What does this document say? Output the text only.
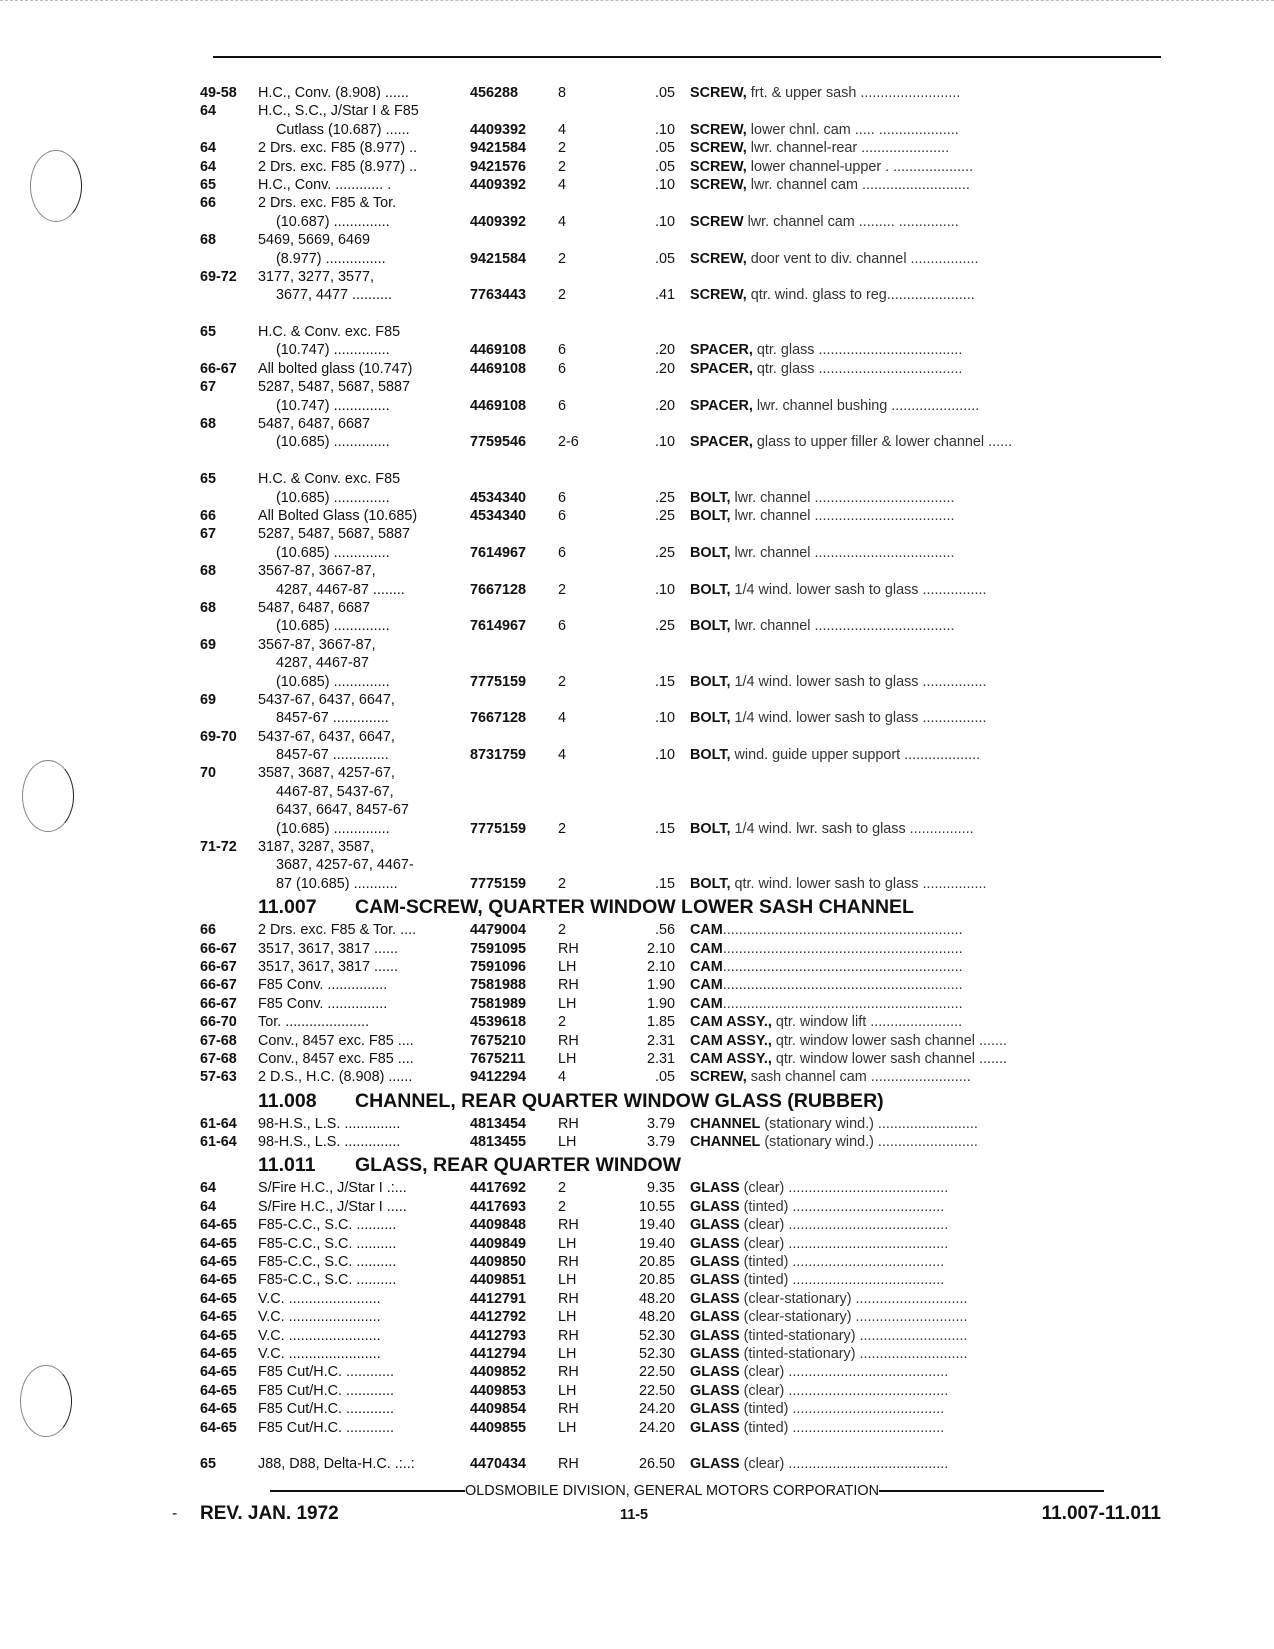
49-58	H.C., Conv. (8.908) ......	456288	8	.05 SCREW, frt. & upper sash .........................
64	H.C., S.C., J/Star I & F85
Cutlass (10.687) ......	4409392	4	.10 SCREW, lower chnl. cam ..... ....................
64	2 Drs. exc. F85 (8.977) ..	9421584	2	.05 SCREW, lwr. channel-rear ......................
64	2 Drs. exc. F85 (8.977) ..	9421576	2	.05 SCREW, lower channel-upper . ....................
65	H.C., Conv. ............ .	4409392	4	.10 SCREW, lwr. channel cam ...........................
66	2 Drs. exc. F85 & Tor.
(10.687) ..............	4409392	4	.10 SCREW lwr. channel cam ......... ...............
68	5469, 5669, 6469
(8.977) ...............	9421584	2	.05 SCREW, door vent to div. channel .................
69-72	3177, 3277, 3577,
3677, 4477 ..........	7763443	2	.41 SCREW, qtr. wind. glass to reg......................
65	H.C. & Conv. exc. F85
(10.747) ..............	4469108	6	.20 SPACER, qtr. glass ....................................
66-67	All bolted glass (10.747)	4469108	6	.20 SPACER, qtr. glass ....................................
67	5287, 5487, 5687, 5887
(10.747) ..............	4469108	6	.20 SPACER, lwr. channel bushing ......................
68	5487, 6487, 6687
(10.685) ..............	7759546	2-6	.10 SPACER, glass to upper filler & lower channel ......
65	H.C. & Conv. exc. F85
(10.685) ..............	4534340	6	.25 BOLT, lwr. channel ...................................
66	All Bolted Glass (10.685)	4534340	6	.25 BOLT, lwr. channel ...................................
67	5287, 5487, 5687, 5887
(10.685) ..............	7614967	6	.25 BOLT, lwr. channel ...................................
68	3567-87, 3667-87,
4287, 4467-87 ........	7667128	2	.10 BOLT, 1/4 wind. lower sash to glass ................
68	5487, 6487, 6687
(10.685) ..............	7614967	6	.25 BOLT, lwr. channel ...................................
69	3567-87, 3667-87,
4287, 4467-87
(10.685) ..............	7775159	2	.15 BOLT, 1/4 wind. lower sash to glass ................
69	5437-67, 6437, 6647,
8457-67 ..............	7667128	4	.10 BOLT, 1/4 wind. lower sash to glass ................
69-70	5437-67, 6437, 6647,
8457-67 ..............	8731759	4	.10 BOLT, wind. guide upper support ...................
70	3587, 3687, 4257-67,
4467-87, 5437-67,
6437, 6647, 8457-67
(10.685) ..............	7775159	2	.15 BOLT, 1/4 wind. lwr. sash to glass ................
71-72	3187, 3287, 3587,
3687, 4257-67, 4467-
87 (10.685) ...........	7775159	2	.15 BOLT, qtr. wind. lower sash to glass ................
11.007 CAM-SCREW, QUARTER WINDOW LOWER SASH CHANNEL
66	2 Drs. exc. F85 & Tor. ....	4479004	2	.56 CAM............................................................
66-67	3517, 3617, 3817 ......	7591095	RH	2.10 CAM............................................................
66-67	3517, 3617, 3817 ......	7591096	LH	2.10 CAM............................................................
66-67	F85 Conv. ...............	7581988	RH	1.90 CAM............................................................
66-67	F85 Conv. ...............	7581989	LH	1.90 CAM............................................................
66-70	Tor. .....................	4539618	2	1.85 CAM ASSY., qtr. window lift .......................
67-68	Conv., 8457 exc. F85 ....	7675210	RH	2.31 CAM ASSY., qtr. window lower sash channel .......
67-68	Conv., 8457 exc. F85 ....	7675211	LH	2.31 CAM ASSY., qtr. window lower sash channel .......
57-63	2 D.S., H.C. (8.908) ......	9412294	4	.05 SCREW, sash channel cam .........................
11.008 CHANNEL, REAR QUARTER WINDOW GLASS (RUBBER)
61-64	98-H.S., L.S. ..............	4813454	RH	3.79 CHANNEL (stationary wind.) .........................
61-64	98-H.S., L.S. ..............	4813455	LH	3.79 CHANNEL (stationary wind.) .........................
11.011 GLASS, REAR QUARTER WINDOW
64	S/Fire H.C., J/Star I .:...	4417692	2	9.35 GLASS (clear) ........................................
64	S/Fire H.C., J/Star I .....	4417693	2	10.55 GLASS (tinted) ......................................
64-65	F85-C.C., S.C. ..........	4409848	RH	19.40 GLASS (clear) ........................................
64-65	F85-C.C., S.C. ..........	4409849	LH	19.40 GLASS (clear) ........................................
64-65	F85-C.C., S.C. ..........	4409850	RH	20.85 GLASS (tinted) ......................................
64-65	F85-C.C., S.C. ..........	4409851	LH	20.85 GLASS (tinted) ......................................
64-65	V.C. .......................	4412791	RH	48.20 GLASS (clear-stationary) ............................
64-65	V.C. .......................	4412792	LH	48.20 GLASS (clear-stationary) ............................
64-65	V.C. .......................	4412793	RH	52.30 GLASS (tinted-stationary) ...........................
64-65	V.C. .......................	4412794	LH	52.30 GLASS (tinted-stationary) ...........................
64-65	F85 Cut/H.C. ............	4409852	RH	22.50 GLASS (clear) ........................................
64-65	F85 Cut/H.C. ............	4409853	LH	22.50 GLASS (clear) ........................................
64-65	F85 Cut/H.C. ............	4409854	RH	24.20 GLASS (tinted) ......................................
64-65	F85 Cut/H.C. ............	4409855	LH	24.20 GLASS (tinted) ......................................
65	J88, D88, Delta-H.C. .:..:	4470434	RH	26.50 GLASS (clear) ........................................
OLDSMOBILE DIVISION, GENERAL MOTORS CORPORATION
- REV. JAN. 1972	11-5	11.007-11.011
